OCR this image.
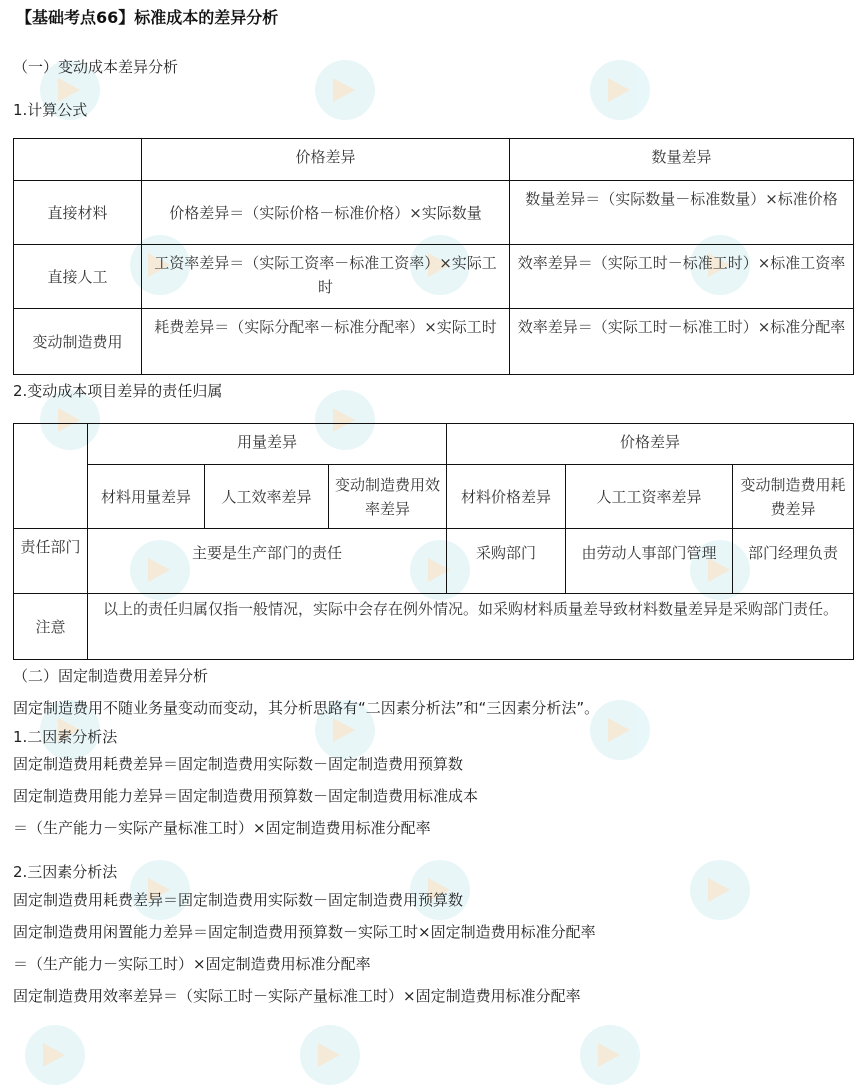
【基础考点66】标准成本的差异分析
（一）变动成本差异分析
1.计算公式
	价格差异	数量差异
直接材料	价格差异＝（实际价格－标准价格）×实际数量	数量差异＝（实际数量－标准数量）×标准价格
直接人工	工资率差异＝（实际工资率－标准工资率）×实际工时	效率差异＝（实际工时－标准工时）×标准工资率
变动制造费用	耗费差异＝（实际分配率－标准分配率）×实际工时	效率差异＝（实际工时－标准工时）×标准分配率
2.变动成本项目差异的责任归属
	用量差异			价格差异		
	材料用量差异	人工效率差异	变动制造费用效率差异	材料价格差异	人工工资率差异	变动制造费用耗费差异
责任部门	主要是生产部门的责任			采购部门	由劳动人事部门管理	部门经理负责
注意	以上的责任归属仅指一般情况，实际中会存在例外情况。如采购材料质量差导致材料数量差异是采购部门责任。					
（二）固定制造费用差异分析
固定制造费用不随业务量变动而变动，其分析思路有“二因素分析法”和“三因素分析法”。
1.二因素分析法
固定制造费用耗费差异＝固定制造费用实际数－固定制造费用预算数
固定制造费用能力差异＝固定制造费用预算数－固定制造费用标准成本
＝（生产能力－实际产量标准工时）×固定制造费用标准分配率
2.三因素分析法
固定制造费用耗费差异＝固定制造费用实际数－固定制造费用预算数
固定制造费用闲置能力差异＝固定制造费用预算数－实际工时×固定制造费用标准分配率
＝（生产能力－实际工时）×固定制造费用标准分配率
固定制造费用效率差异＝（实际工时－实际产量标准工时）×固定制造费用标准分配率
